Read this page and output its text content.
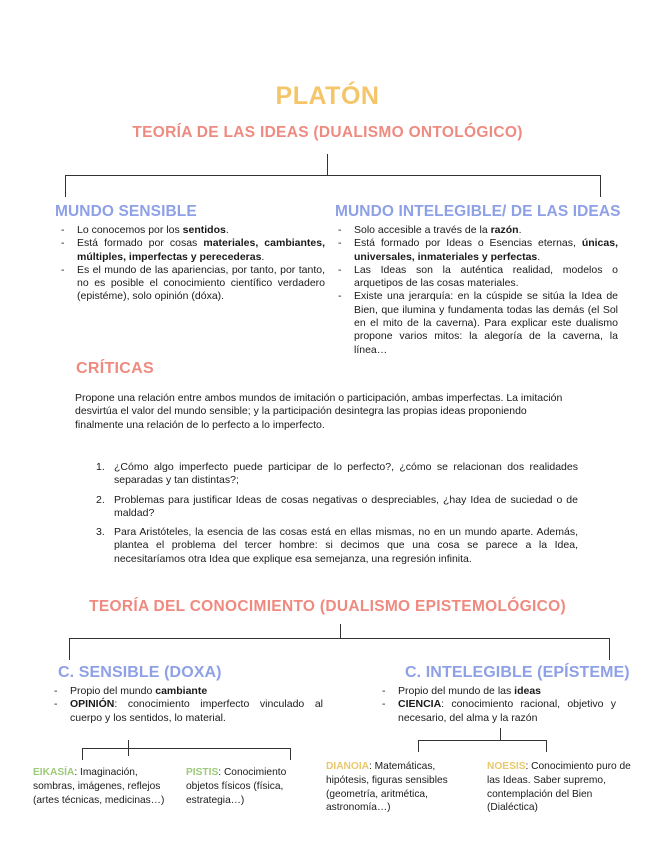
PLATÓN
TEORÍA DE LAS IDEAS (DUALISMO ONTOLÓGICO)
MUNDO SENSIBLE
- Lo conocemos por los sentidos.
- Está formado por cosas materiales, cambiantes, múltiples, imperfectas y perecederas.
- Es el mundo de las apariencias, por tanto, por tanto, no es posible el conocimiento científico verdadero (epistéme), solo opinión (dóxa).
MUNDO INTELEGIBLE/ DE LAS IDEAS
- Solo accesible a través de la razón.
- Está formado por Ideas o Esencias eternas, únicas, universales, inmateriales y perfectas.
- Las Ideas son la auténtica realidad, modelos o arquetipos de las cosas materiales.
- Existe una jerarquía: en la cúspide se sitúa la Idea de Bien, que ilumina y fundamenta todas las demás (el Sol en el mito de la caverna). Para explicar este dualismo propone varios mitos: la alegoría de la caverna, la línea…
CRÍTICAS
Propone una relación entre ambos mundos de imitación o participación, ambas imperfectas. La imitación desvirtúa el valor del mundo sensible; y la participación desintegra las propias ideas proponiendo finalmente una relación de lo perfecto a lo imperfecto.
1. ¿Cómo algo imperfecto puede participar de lo perfecto?, ¿cómo se relacionan dos realidades separadas y tan distintas?;
2. Problemas para justificar Ideas de cosas negativas o despreciables, ¿hay Idea de suciedad o de maldad?
3. Para Aristóteles, la esencia de las cosas está en ellas mismas, no en un mundo aparte. Además, plantea el problema del tercer hombre: si decimos que una cosa se parece a la Idea, necesitaríamos otra Idea que explique esa semejanza, una regresión infinita.
TEORÍA DEL CONOCIMIENTO (DUALISMO EPISTEMOLÓGICO)
C. SENSIBLE (DOXA)
- Propio del mundo cambiante
- OPINIÓN: conocimiento imperfecto vinculado al cuerpo y los sentidos, lo material.
EIKASÍA: Imaginación, sombras, imágenes, reflejos (artes técnicas, medicinas…)
PISTIS: Conocimiento objetos físicos (física, estrategia…)
C. INTELEGIBLE (EPÍSTEME)
- Propio del mundo de las ideas
- CIENCIA: conocimiento racional, objetivo y necesario, del alma y la razón
DIANOIA: Matemáticas, hipótesis, figuras sensibles (geometría, aritmética, astronomía…)
NOESIS: Conocimiento puro de las Ideas. Saber supremo, contemplación del Bien (Dialéctica)
